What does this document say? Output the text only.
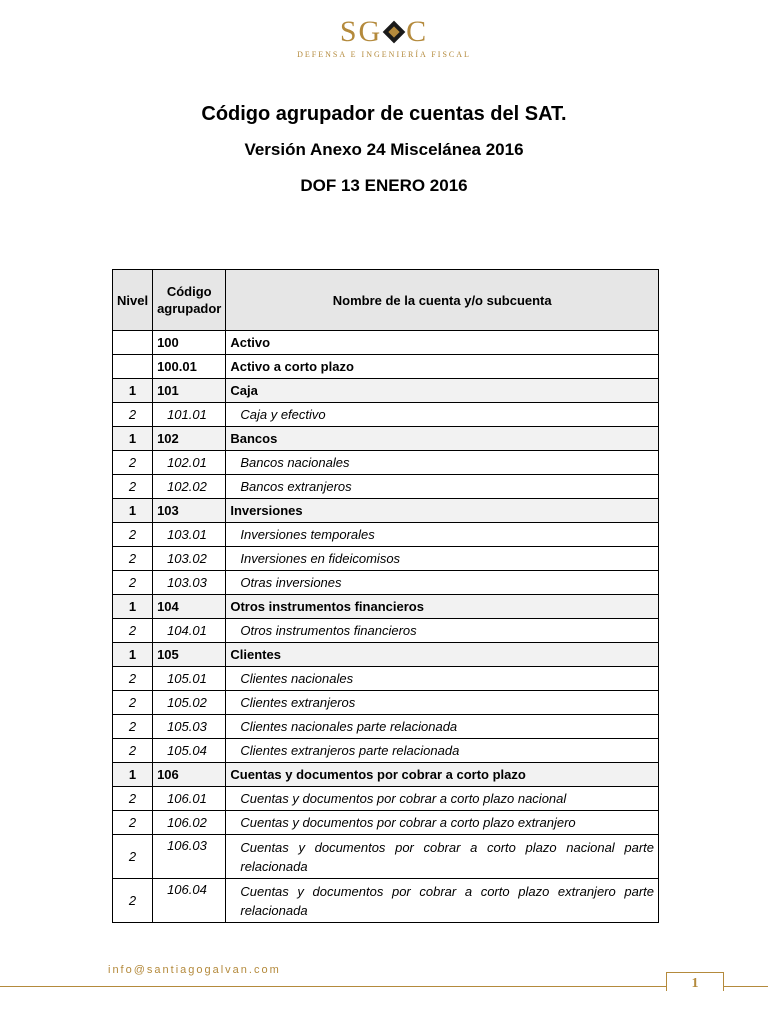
SG C
DEFENSA E INGENIERÍA FISCAL

Código agrupador de cuentas del SAT.

Versión Anexo 24 Miscelánea 2016

DOF 13 ENERO 2016

Nivel	Código agrupador	Nombre de la cuenta y/o subcuenta
	100	Activo
	100.01	Activo a corto plazo
1	101	Caja
2	101.01	Caja y efectivo
1	102	Bancos
2	102.01	Bancos nacionales
2	102.02	Bancos extranjeros
1	103	Inversiones
2	103.01	Inversiones temporales
2	103.02	Inversiones en fideicomisos
2	103.03	Otras inversiones
1	104	Otros instrumentos financieros
2	104.01	Otros instrumentos financieros
1	105	Clientes
2	105.01	Clientes nacionales
2	105.02	Clientes extranjeros
2	105.03	Clientes nacionales parte relacionada
2	105.04	Clientes extranjeros parte relacionada
1	106	Cuentas y documentos por cobrar a corto plazo
2	106.01	Cuentas y documentos por cobrar a corto plazo nacional
2	106.02	Cuentas y documentos por cobrar a corto plazo extranjero
2	106.03	Cuentas y documentos por cobrar a corto plazo nacional parte relacionada
2	106.04	Cuentas y documentos por cobrar a corto plazo extranjero parte relacionada
info@santiagogalvan.com
1
